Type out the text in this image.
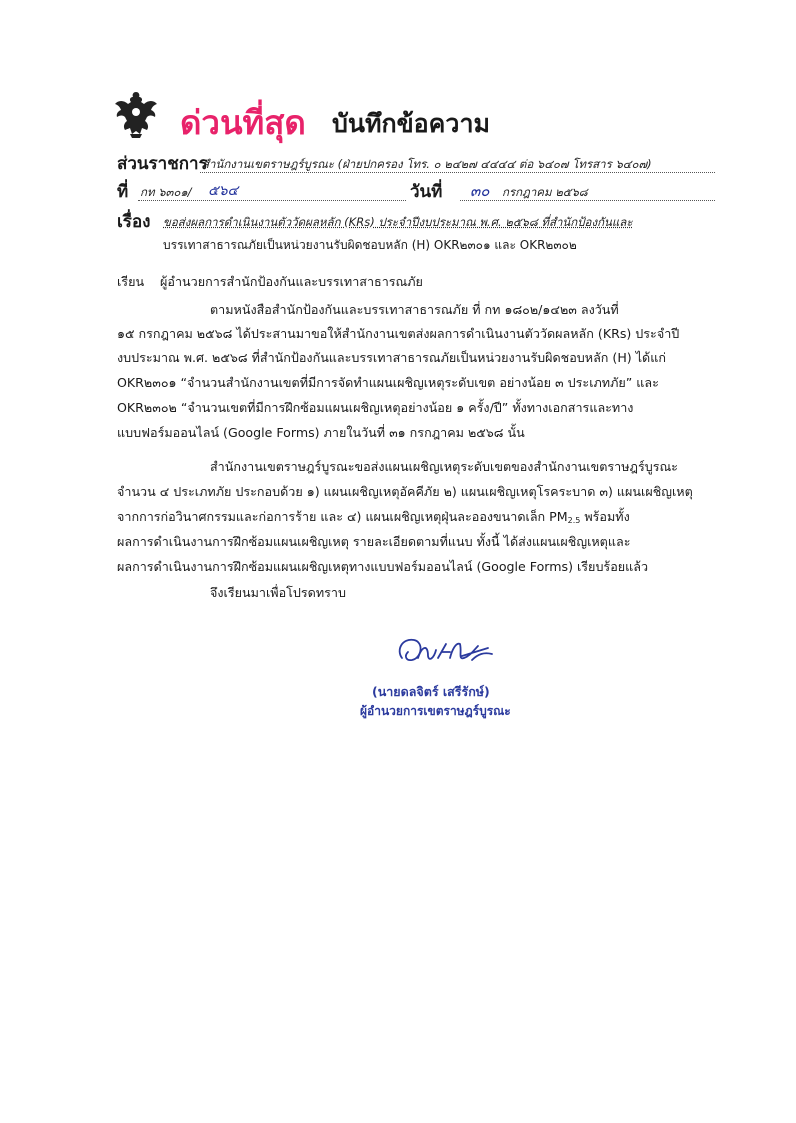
ด่วนที่สุด บันทึกข้อความ
ส่วนราชการ
สำนักงานเขตราษฎร์บูรณะ (ฝ่ายปกครอง โทร. ๐ ๒๔๒๗ ๔๔๔๔ ต่อ ๖๔๐๗ โทรสาร ๖๔๐๗)
ที่ กท ๖๓๐๑/ ๕๖๔	วันที่ ๓๐ กรกฎาคม ๒๕๖๘
เรื่อง ขอส่งผลการดำเนินงานตัววัดผลหลัก (KRs) ประจำปีงบประมาณ พ.ศ. ๒๕๖๘ ที่สำนักป้องกันและ
บรรเทาสาธารณภัยเป็นหน่วยงานรับผิดชอบหลัก (H) OKR๒๓๐๑ และ OKR๒๓๐๒
เรียน ผู้อำนวยการสำนักป้องกันและบรรเทาสาธารณภัย
ตามหนังสือสำนักป้องกันและบรรเทาสาธารณภัย ที่ กท ๑๘๐๒/๑๔๒๓ ลงวันที่
๑๕ กรกฎาคม ๒๕๖๘ ได้ประสานมาขอให้สำนักงานเขตส่งผลการดำเนินงานตัววัดผลหลัก (KRs) ประจำปี
งบประมาณ พ.ศ. ๒๕๖๘ ที่สำนักป้องกันและบรรเทาสาธารณภัยเป็นหน่วยงานรับผิดชอบหลัก (H) ได้แก่
OKR๒๓๐๑ “จำนวนสำนักงานเขตที่มีการจัดทำแผนเผชิญเหตุระดับเขต อย่างน้อย ๓ ประเภทภัย” และ
OKR๒๓๐๒ “จำนวนเขตที่มีการฝึกซ้อมแผนเผชิญเหตุอย่างน้อย ๑ ครั้ง/ปี” ทั้งทางเอกสารและทาง
แบบฟอร์มออนไลน์ (Google Forms) ภายในวันที่ ๓๑ กรกฎาคม ๒๕๖๘ นั้น
สำนักงานเขตราษฎร์บูรณะขอส่งแผนเผชิญเหตุระดับเขตของสำนักงานเขตราษฎร์บูรณะ
จำนวน ๔ ประเภทภัย ประกอบด้วย ๑) แผนเผชิญเหตุอัคคีภัย ๒) แผนเผชิญเหตุโรคระบาด ๓) แผนเผชิญเหตุ
จากการก่อวินาศกรรมและก่อการร้าย และ ๔) แผนเผชิญเหตุฝุ่นละอองขนาดเล็ก $PM_{2.5}$ พร้อมทั้ง
ผลการดำเนินงานการฝึกซ้อมแผนเผชิญเหตุ รายละเอียดตามที่แนบ ทั้งนี้ ได้ส่งแผนเผชิญเหตุและ
ผลการดำเนินงานการฝึกซ้อมแผนเผชิญเหตุทางแบบฟอร์มออนไลน์ (Google Forms) เรียบร้อยแล้ว
จึงเรียนมาเพื่อโปรดทราบ
(นายดลจิตร์ เสรีรักษ์)
ผู้อำนวยการเขตราษฎร์บูรณะ
